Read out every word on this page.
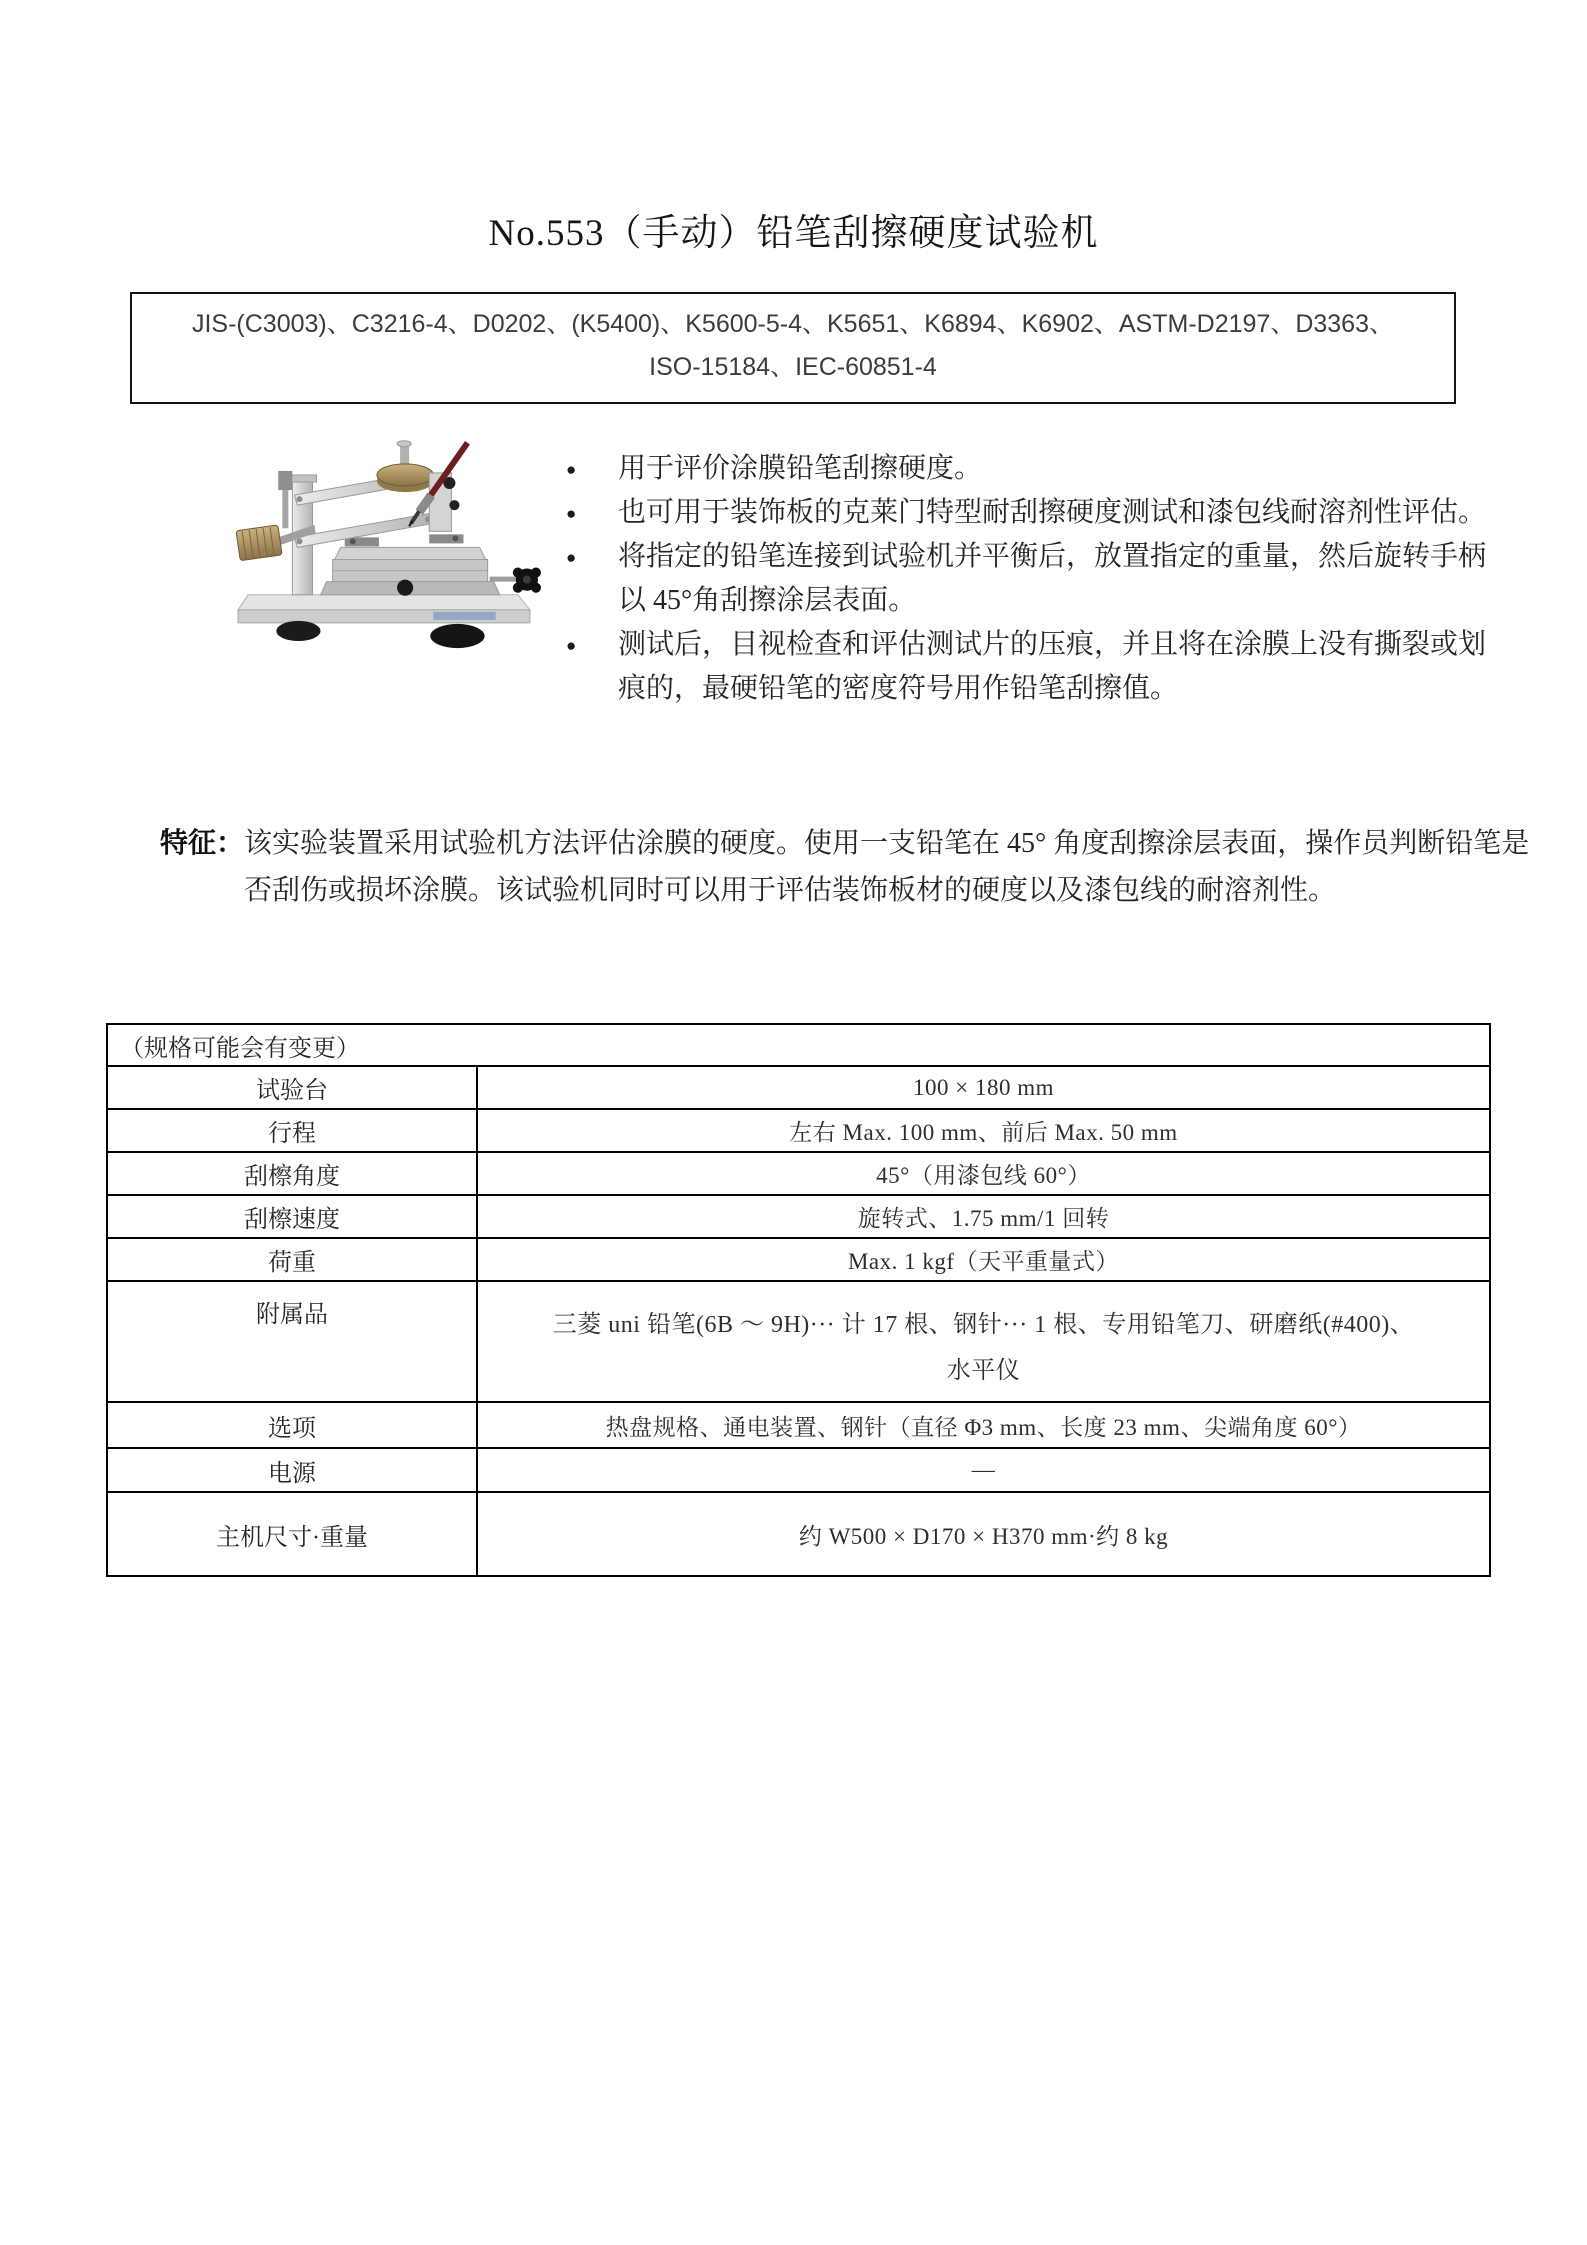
No.553（手动）铅笔刮擦硬度试验机
JIS-(C3003)、C3216-4、D0202、(K5400)、K5600-5-4、K5651、K6894、K6902、ASTM-D2197、D3363、
ISO-15184、IEC-60851-4
●	用于评价涂膜铅笔刮擦硬度。
●	也可用于装饰板的克莱门特型耐刮擦硬度测试和漆包线耐溶剂性评估。
●	将指定的铅笔连接到试验机并平衡后，放置指定的重量，然后旋转手柄以 45°角刮擦涂层表面。
●	测试后，目视检查和评估测试片的压痕，并且将在涂膜上没有撕裂或划痕的，最硬铅笔的密度符号用作铅笔刮擦值。
特征：该实验装置采用试验机方法评估涂膜的硬度。使用一支铅笔在 45° 角度刮擦涂层表面，操作员判断铅笔是否刮伤或损坏涂膜。该试验机同时可以用于评估装饰板材的硬度以及漆包线的耐溶剂性。
（规格可能会有变更）	
试验台	100 × 180 mm
行程	左右 Max. 100 mm、前后 Max. 50 mm
刮檫角度	45°（用漆包线 60°）
刮檫速度	旋转式、1.75 mm/1 回转
荷重	Max. 1 kgf（天平重量式）
附属品	三菱 uni 铅笔(6B ～ 9H)··· 计 17 根、钢针··· 1 根、专用铅笔刀、研磨纸(#400)、
水平仪

选项	热盘规格、通电装置、钢针（直径 Φ3 mm、长度 23 mm、尖端角度 60°）
电源	—
主机尺寸·重量	约 W500 × D170 × H370 mm·约 8 kg
